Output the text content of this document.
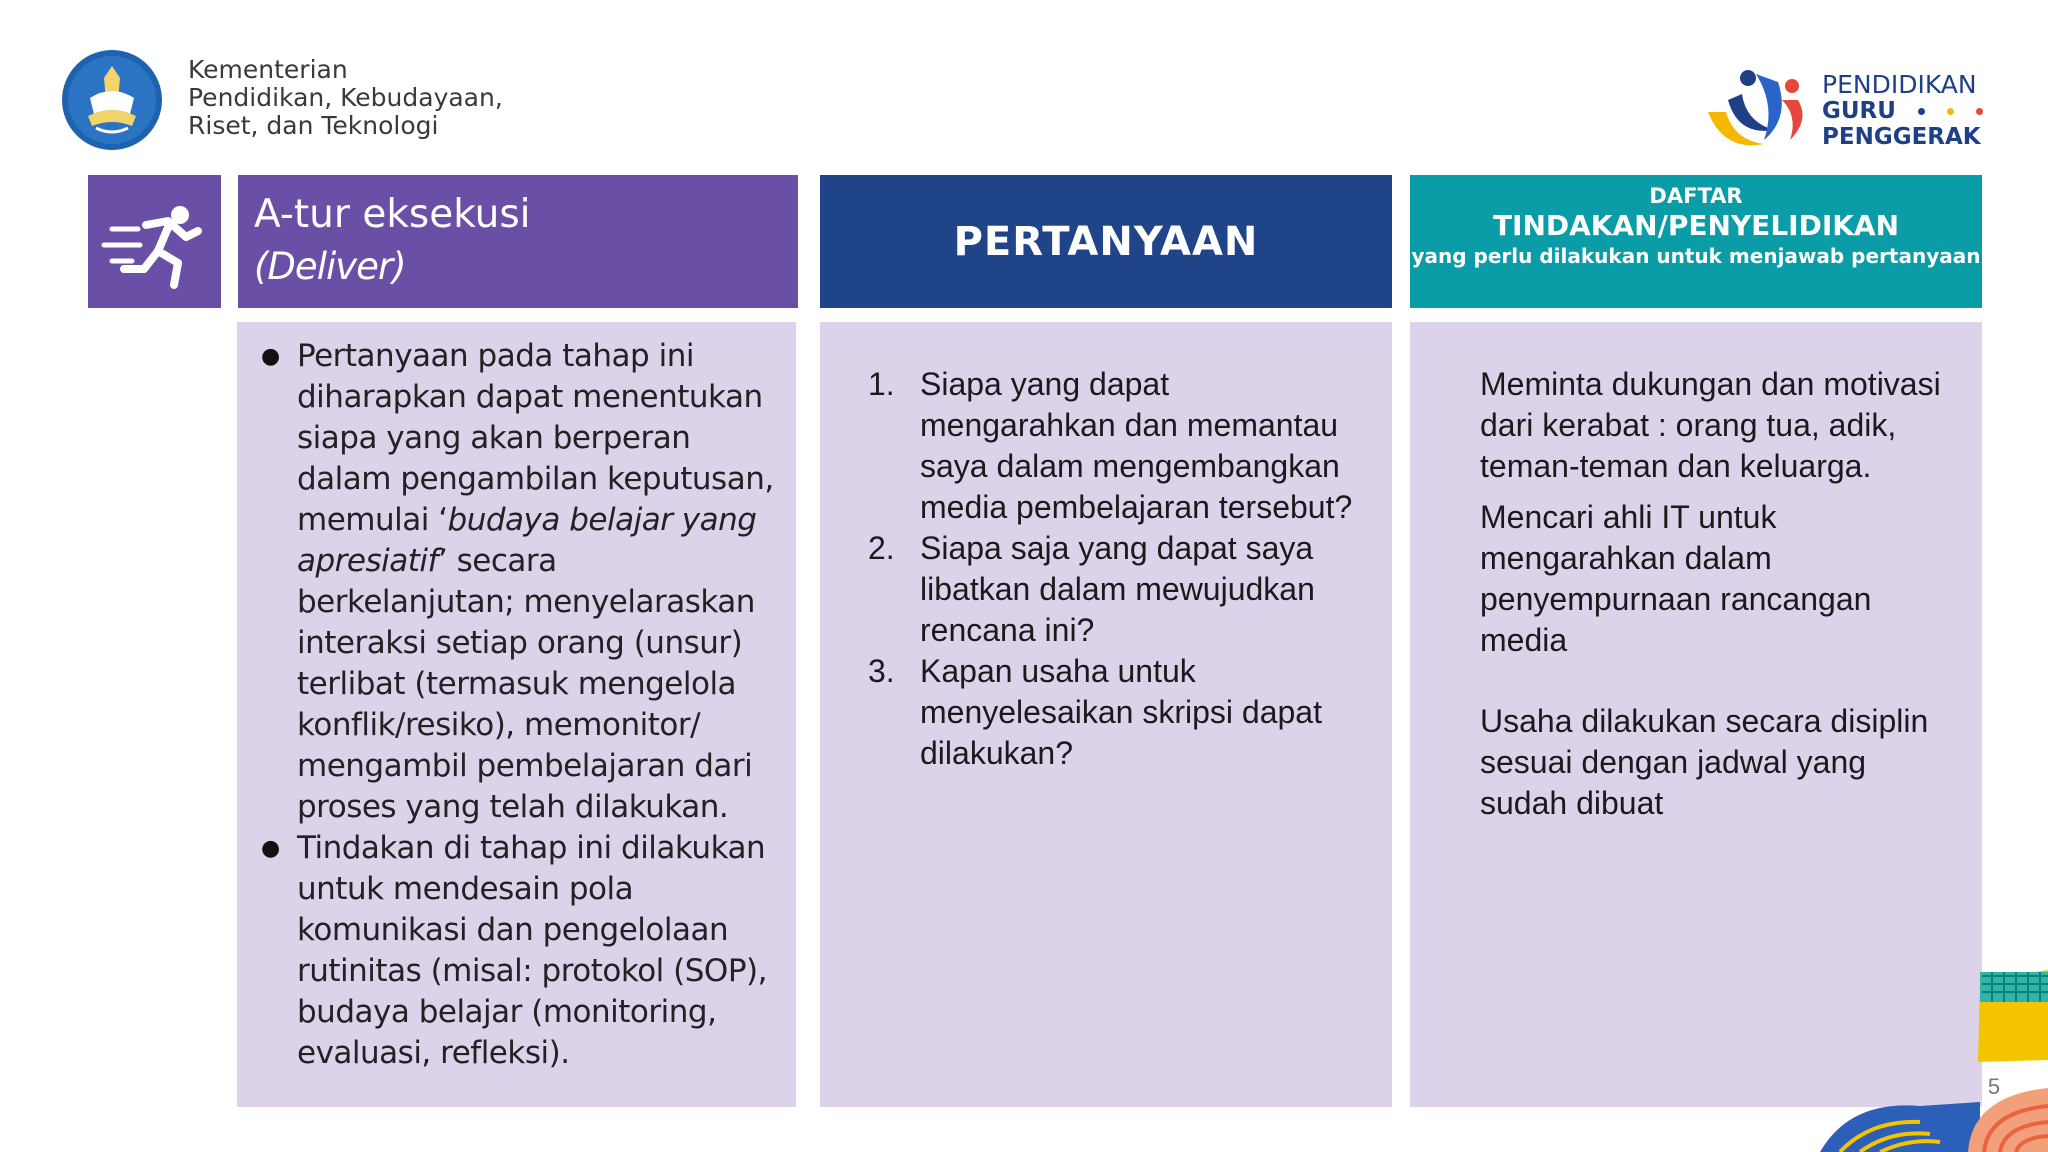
Kementerian
Pendidikan, Kebudayaan,
Riset, dan Teknologi
PENDIDIKAN
GURU
PENGGERAK
A-tur eksekusi
(Deliver)
PERTANYAAN
DAFTAR
TINDAKAN/PENYELIDIKAN
yang perlu dilakukan untuk menjawab pertanyaan
● Pertanyaan pada tahap ini diharapkan dapat menentukan siapa yang akan berperan dalam pengambilan keputusan, memulai ‘budaya belajar yang apresiatif’ secara berkelanjutan; menyelaraskan interaksi setiap orang (unsur) terlibat (termasuk mengelola konflik/resiko), memonitor/ mengambil pembelajaran dari proses yang telah dilakukan.
● Tindakan di tahap ini dilakukan untuk mendesain pola komunikasi dan pengelolaan rutinitas (misal: protokol (SOP), budaya belajar (monitoring, evaluasi, refleksi).
1. Siapa yang dapat mengarahkan dan memantau saya dalam mengembangkan media pembelajaran tersebut?
2. Siapa saja yang dapat saya libatkan dalam mewujudkan rencana ini?
3. Kapan usaha untuk menyelesaikan skripsi dapat dilakukan?

Meminta dukungan dan motivasi dari kerabat : orang tua, adik, teman-teman dan keluarga.

Mencari ahli IT untuk mengarahkan dalam penyempurnaan rancangan media

Usaha dilakukan secara disiplin sesuai dengan jadwal yang sudah dibuat

5
